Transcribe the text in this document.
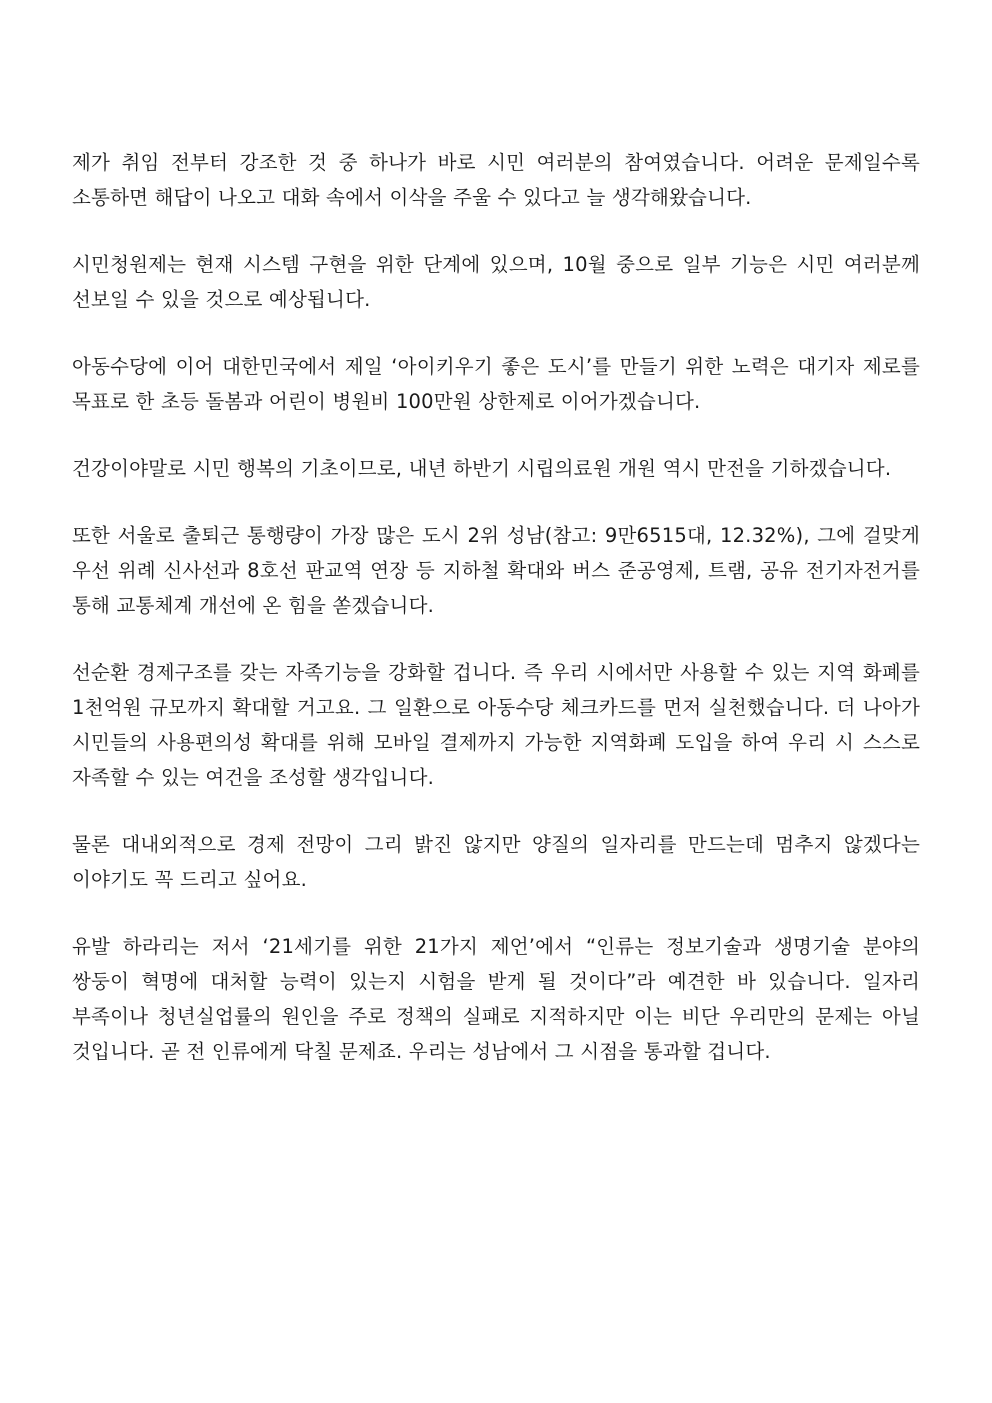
제가 취임 전부터 강조한 것 중 하나가 바로 시민 여러분의 참여였습니다. 어려운 문제일수록 소통하면 해답이 나오고 대화 속에서 이삭을 주울 수 있다고 늘 생각해왔습니다.

시민청원제는 현재 시스템 구현을 위한 단계에 있으며, 10월 중으로 일부 기능은 시민 여러분께 선보일 수 있을 것으로 예상됩니다.

아동수당에 이어 대한민국에서 제일 ‘아이키우기 좋은 도시’를 만들기 위한 노력은 대기자 제로를 목표로 한 초등 돌봄과 어린이 병원비 100만원 상한제로 이어가겠습니다.

건강이야말로 시민 행복의 기초이므로, 내년 하반기 시립의료원 개원 역시 만전을 기하겠습니다.

또한 서울로 출퇴근 통행량이 가장 많은 도시 2위 성남(참고: 9만6515대, 12.32%), 그에 걸맞게 우선 위례 신사선과 8호선 판교역 연장 등 지하철 확대와 버스 준공영제, 트램, 공유 전기자전거를 통해 교통체계 개선에 온 힘을 쏟겠습니다.

선순환 경제구조를 갖는 자족기능을 강화할 겁니다. 즉 우리 시에서만 사용할 수 있는 지역 화폐를 1천억원 규모까지 확대할 거고요. 그 일환으로 아동수당 체크카드를 먼저 실천했습니다. 더 나아가 시민들의 사용편의성 확대를 위해 모바일 결제까지 가능한 지역화폐 도입을 하여 우리 시 스스로 자족할 수 있는 여건을 조성할 생각입니다.

물론 대내외적으로 경제 전망이 그리 밝진 않지만 양질의 일자리를 만드는데 멈추지 않겠다는 이야기도 꼭 드리고 싶어요.

유발 하라리는 저서 ‘21세기를 위한 21가지 제언’에서 “인류는 정보기술과 생명기술 분야의 쌍둥이 혁명에 대처할 능력이 있는지 시험을 받게 될 것이다”라 예견한 바 있습니다. 일자리 부족이나 청년실업률의 원인을 주로 정책의 실패로 지적하지만 이는 비단 우리만의 문제는 아닐 것입니다. 곧 전 인류에게 닥칠 문제죠. 우리는 성남에서 그 시점을 통과할 겁니다.
